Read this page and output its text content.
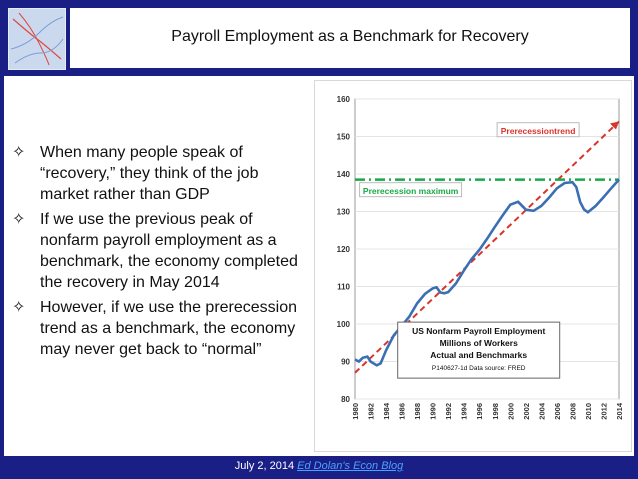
Payroll Employment as a Benchmark for Recovery
✧ When many people speak of “recovery,” they think of the job market rather than GDP
✧ If we use the previous peak of nonfarm payroll employment as a benchmark, the economy completed the recovery in May 2014
✧ However, if we use the prerecession trend as a benchmark, the economy may never get back to “normal”
80
90
100
110
120
130
140
150
160
1980 1982 1984 1986 1988 1990 1992 1994 1996 1998 2000 2002 2004 2006 2008 2010 2012 2014
Prerecessiontrend
Prerecession maximum
US Nonfarm Payroll Employment
Millions of Workers
Actual and Benchmarks
P140627-1d Data source: FRED
July 2, 2014 Ed Dolan's Econ Blog
